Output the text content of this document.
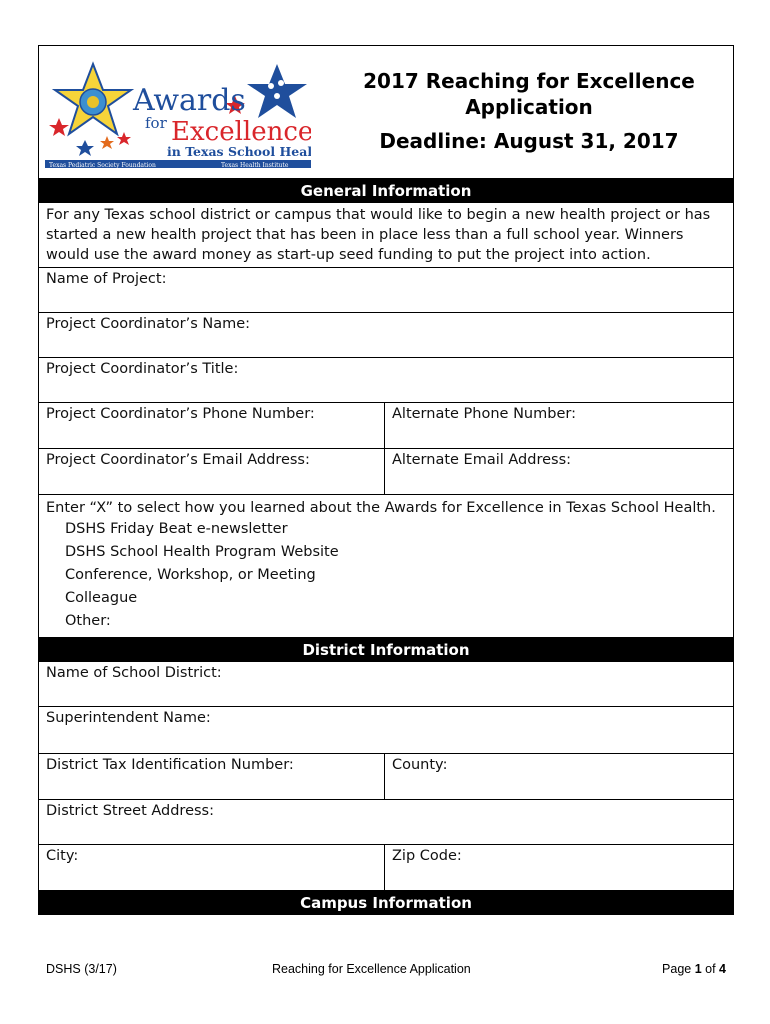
Awards
for Excellence
in Texas School Health
Texas Pediatric Society Foundation	Texas Health Institute
2017 Reaching for Excellence
Application
Deadline: August 31, 2017
General Information
For any Texas school district or campus that would like to begin a new health project or has started a new health project that has been in place less than a full school year. Winners would use the award money as start-up seed funding to put the project into action.
Name of Project:
Project Coordinator’s Name:
Project Coordinator’s Title:
Project Coordinator’s Phone Number:	Alternate Phone Number:
Project Coordinator’s Email Address:	Alternate Email Address:
Enter “X” to select how you learned about the Awards for Excellence in Texas School Health.
DSHS Friday Beat e-newsletter
DSHS School Health Program Website
Conference, Workshop, or Meeting
Colleague
Other:
District Information
Name of School District:
Superintendent Name:
District Tax Identification Number:	County:
District Street Address:
City:	Zip Code:
Campus Information
DSHS (3/17)	Reaching for Excellence Application	Page 1 of 4
